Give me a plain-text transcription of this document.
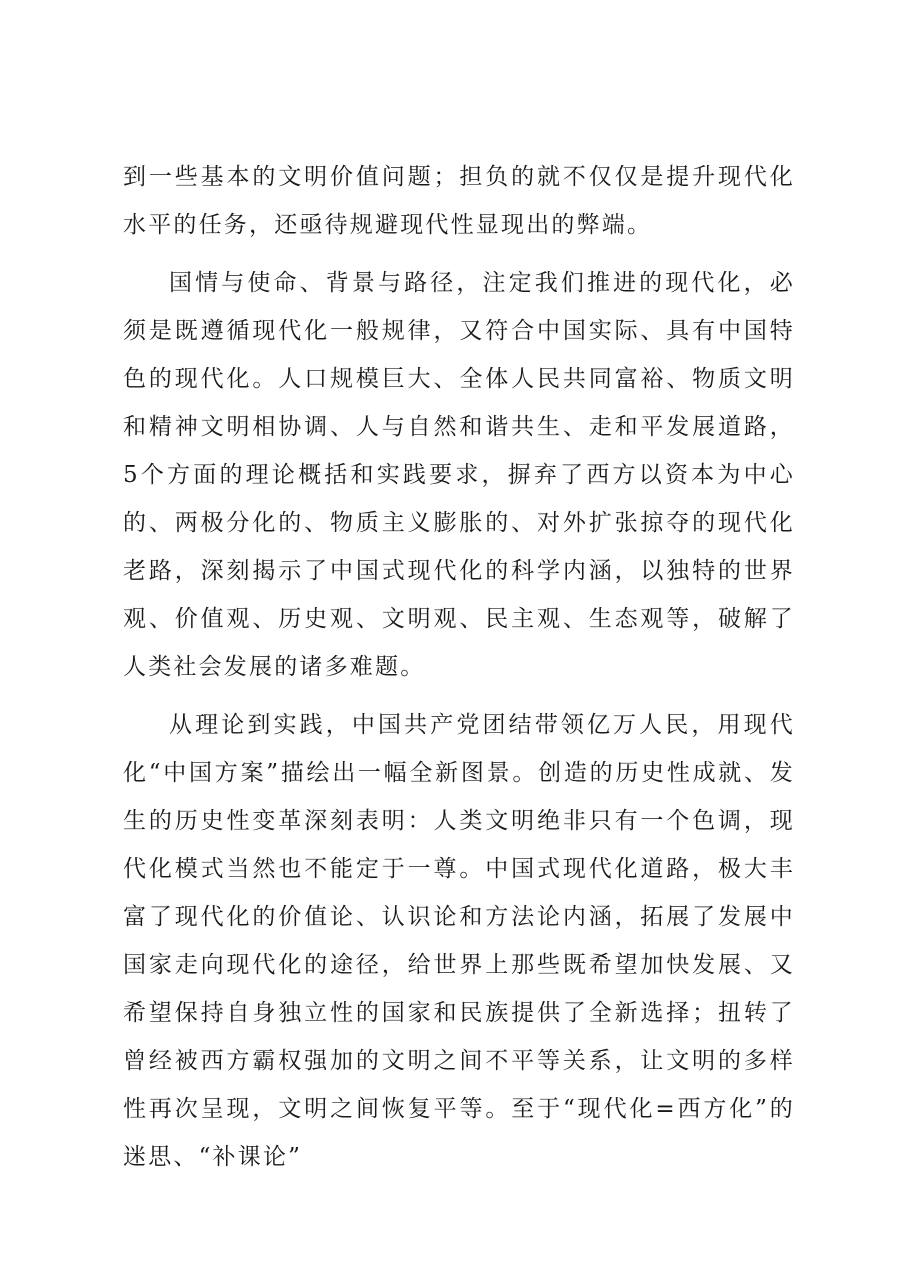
到一些基本的文明价值问题；担负的就不仅仅是提升现代化水平的任务，还亟待规避现代性显现出的弊端。

国情与使命、背景与路径，注定我们推进的现代化，必须是既遵循现代化一般规律，又符合中国实际、具有中国特色的现代化。人口规模巨大、全体人民共同富裕、物质文明和精神文明相协调、人与自然和谐共生、走和平发展道路，5个方面的理论概括和实践要求，摒弃了西方以资本为中心的、两极分化的、物质主义膨胀的、对外扩张掠夺的现代化老路，深刻揭示了中国式现代化的科学内涵，以独特的世界观、价值观、历史观、文明观、民主观、生态观等，破解了人类社会发展的诸多难题。

从理论到实践，中国共产党团结带领亿万人民，用现代化“中国方案”描绘出一幅全新图景。创造的历史性成就、发生的历史性变革深刻表明：人类文明绝非只有一个色调，现代化模式当然也不能定于一尊。中国式现代化道路，极大丰富了现代化的价值论、认识论和方法论内涵，拓展了发展中国家走向现代化的途径，给世界上那些既希望加快发展、又希望保持自身独立性的国家和民族提供了全新选择；扭转了曾经被西方霸权强加的文明之间不平等关系，让文明的多样性再次呈现，文明之间恢复平等。至于“现代化=西方化”的迷思、“补课论”
